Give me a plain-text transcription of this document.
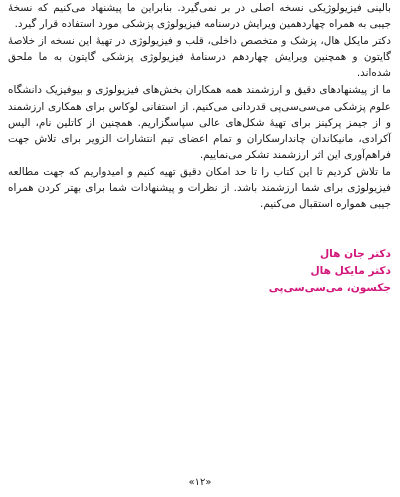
بالینی فیزیولوژیکی نسخه اصلی در بر نمی‌گیرد. بنابراین ما پیشنهاد می‌کنیم که نسخهٔ جیبی به همراه چهاردهمین ویرایش درسنامه فیزیولوژی پزشکی مورد استفاده قرار گیرد.

دکتر مایکل هال، پزشک و متخصص داخلی، قلب و فیزیولوژی در تهیهٔ این نسخه از خلاصهٔ گایتون و همچنین ویرایش چهاردهم درسنامهٔ فیزیولوژی پزشکی گایتون به ما ملحق شده‌اند.

ما از پیشنهادهای دقیق و ارزشمند همه همکاران بخش‌های فیزیولوژی و بیوفیزیک دانشگاه علوم پزشکی می‌سی‌سی‌پی قدردانی می‌کنیم. از استفانی لوکاس برای همکاری ارزشمند و از جیمز پرکینز برای تهیهٔ شکل‌های عالی سپاسگزاریم. همچنین از کاتلین نام، الیس آکرادی، مانیکاندان چاندارسکاران و تمام اعضای تیم انتشارات الزویر برای تلاش جهت فراهم‌آوری این اثر ارزشمند تشکر می‌نماییم.

ما تلاش کردیم تا این کتاب را تا حد امکان دقیق تهیه کنیم و امیدواریم که جهت مطالعه فیزیولوژی برای شما ارزشمند باشد. از نظرات و پیشنهادات شما برای بهتر کردن همراه جیبی همواره استقبال می‌کنیم.

دکتر جان هال

دکتر مایکل هال

جکسون، می‌سی‌سی‌پی

«۱۲»
